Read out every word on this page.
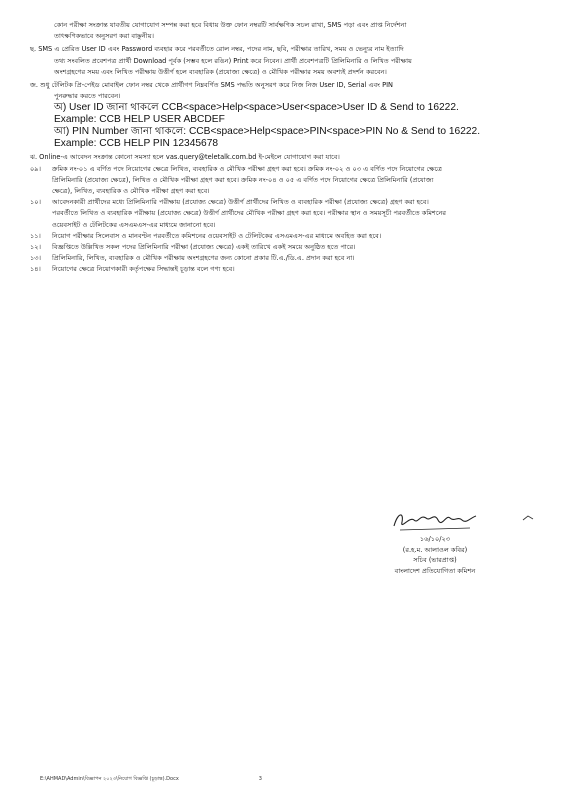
কোন পরীক্ষা সংক্রান্ত যাবতীয় যোগাযোগ সম্পন্ন করা হবে বিধায় উক্ত ফোন নম্বরটি সার্বক্ষণিক সচল রাখা, SMS পড়া এবং প্রাপ্ত নির্দেশনা

তাৎক্ষণিকভাবে অনুসরণ করা বাঞ্ছনীয়।

ছ. SMS এ প্রেরিত User ID এবং Password ব্যবহার করে পরবর্তীতে রোল নম্বর, পদের নাম, ছবি, পরীক্ষার তারিখ, সময় ও ভেন্যুর নাম ইত্যাদি

তথ্য সংবলিত প্রবেশপত্র প্রার্থী Download পূর্বক (সম্ভব হলে রঙিন) Print করে নিবেন। প্রার্থী প্রবেশপত্রটি প্রিলিমিনারি ও লিখিত পরীক্ষায়

অংশগ্রহণের সময় এবং লিখিত পরীক্ষায় উত্তীর্ণ হলে ব্যবহারিক (প্রযোজ্য ক্ষেত্রে) ও মৌখিক পরীক্ষার সময় অবশ্যই প্রদর্শন করবেন।

জ. শুধু টেলিটক প্রি-পেইড মোবাইল ফোন নম্বর থেকে প্রার্থীগণ নিম্নবর্ণিত SMS পদ্ধতি অনুসরণ করে নিজ নিজ User ID, Serial এবং PIN

পুনরুদ্ধার করতে পারবেন।

অ) User ID জানা থাকলে CCB<space>Help<space>User<space>User ID & Send to 16222.

Example: CCB HELP USER ABCDEF

আ) PIN Number জানা থাকলে: CCB<space>Help<space>PIN<space>PIN No & Send to 16222.

Example: CCB HELP PIN 12345678

ঝ. Online-এ আবেদন সংক্রান্ত কোনো সমস্যা হলে vas.query@teletalk.com.bd ই-মেইলে যোগাযোগ করা যাবে।

০৯।	ক্রমিক নং-০১ এ বর্ণিত পদে নিয়োগের ক্ষেত্রে লিখিত, ব্যবহারিক ও মৌখিক পরীক্ষা গ্রহণ করা হবে। ক্রমিক নং-০২ ও ০৩ এ বর্ণিত পদে নিয়োগের ক্ষেত্রে

প্রিলিমিনারি (প্রযোজ্য ক্ষেত্রে), লিখিত ও মৌখিক পরীক্ষা গ্রহণ করা হবে। ক্রমিক নং-০৪ ও ০৫ এ বর্ণিত পদে নিয়োগের ক্ষেত্রে প্রিলিমিনারি (প্রযোজ্য

ক্ষেত্রে), লিখিত, ব্যবহারিক ও মৌখিক পরীক্ষা গ্রহণ করা হবে।

১০।	আবেদনকারী প্রার্থীদের মধ্যে প্রিলিমিনারি পরীক্ষায় (প্রযোজ্য ক্ষেত্রে) উত্তীর্ণ প্রার্থীদের লিখিত ও ব্যবহারিক পরীক্ষা (প্রযোজ্য ক্ষেত্রে) গ্রহণ করা হবে।

পরবর্তীতে লিখিত ও ব্যবহারিক পরীক্ষায় (প্রযোজ্য ক্ষেত্রে) উত্তীর্ণ প্রার্থীদের মৌখিক পরীক্ষা গ্রহণ করা হবে। পরীক্ষার স্থান ও সময়সূচী পরবর্তীতে কমিশনের

ওয়েবসাইট ও টেলিটকের এসএমএস-এর মাধ্যমে জানানো হবে।

১১।	নিয়োগ পরীক্ষার সিলেবাস ও মানবণ্টন পরবর্তীতে কমিশনের ওয়েবসাইট ও টেলিটকের এসএমএস-এর মাধ্যমে অবহিত করা হবে।

১২।	বিজ্ঞপ্তিতে উল্লিখিত সকল পদের প্রিলিমিনারি পরীক্ষা (প্রযোজ্য ক্ষেত্রে) একই তারিখে একই সময়ে অনুষ্ঠিত হতে পারে।

১৩।	প্রিলিমিনারি, লিখিত, ব্যবহারিক ও মৌখিক পরীক্ষায় অংশগ্রহণের জন্য কোনো প্রকার টি.এ./ডি.এ. প্রদান করা হবে না।

১৪।	নিয়োগের ক্ষেত্রে নিয়োগকারী কর্তৃপক্ষের সিদ্ধান্তই চূড়ান্ত বলে গণ্য হবে।

১৬/১০/২৩

(র.হ.ম. আলাওল কবির)

সচিব (ভারপ্রাপ্ত)

বাংলাদেশ প্রতিযোগিতা কমিশন

E:\AHMAD\Admin\বিজ্ঞাপন ২০২৩\নিয়োগ বিজ্ঞপ্তি (চূড়ান্ত).Docx	3
